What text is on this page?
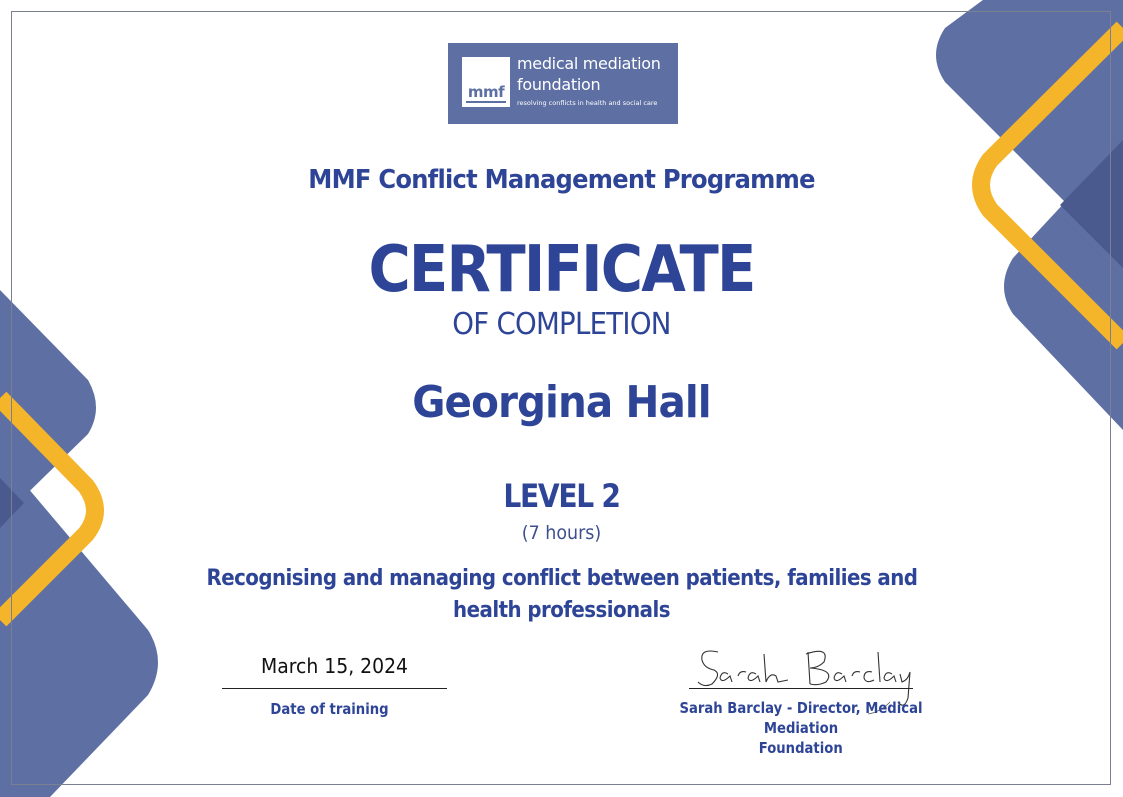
mmf
medical mediation
foundation
resolving conflicts in health and social care
MMF Conflict Management Programme
CERTIFICATE
OF COMPLETION
Georgina Hall
LEVEL 2
(7 hours)
Recognising and managing conflict between patients, families and
health professionals
March 15, 2024
Date of training	Sarah Barclay - Director, Medical Mediation
Foundation
